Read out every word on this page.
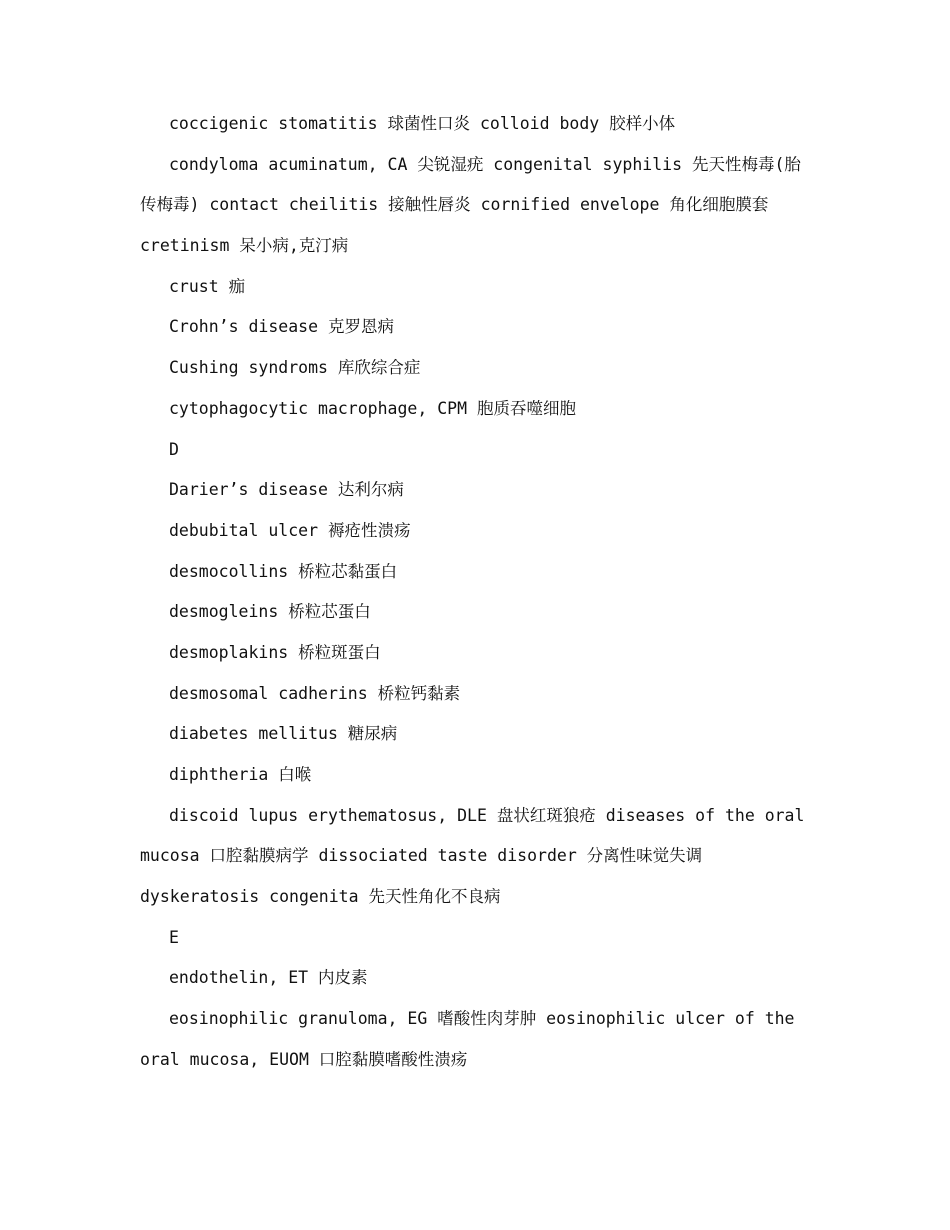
coccigenic stomatitis 球菌性口炎 colloid body 胶样小体
condyloma acuminatum, CA 尖锐湿疣 congenital syphilis 先天性梅毒(胎
传梅毒) contact cheilitis 接触性唇炎 cornified envelope 角化细胞膜套
cretinism 呆小病,克汀病
crust 痂
Crohn’s disease 克罗恩病
Cushing syndroms 库欣综合症
cytophagocytic macrophage, CPM 胞质吞噬细胞
D
Darier’s disease 达利尔病
debubital ulcer 褥疮性溃疡
desmocollins 桥粒芯黏蛋白
desmogleins 桥粒芯蛋白
desmoplakins 桥粒斑蛋白
desmosomal cadherins 桥粒钙黏素
diabetes mellitus 糖尿病
diphtheria 白喉
discoid lupus erythematosus, DLE 盘状红斑狼疮 diseases of the oral
mucosa 口腔黏膜病学 dissociated taste disorder 分离性味觉失调
dyskeratosis congenita 先天性角化不良病
E
endothelin, ET 内皮素
eosinophilic granuloma, EG 嗜酸性肉芽肿 eosinophilic ulcer of the
oral mucosa, EUOM 口腔黏膜嗜酸性溃疡
